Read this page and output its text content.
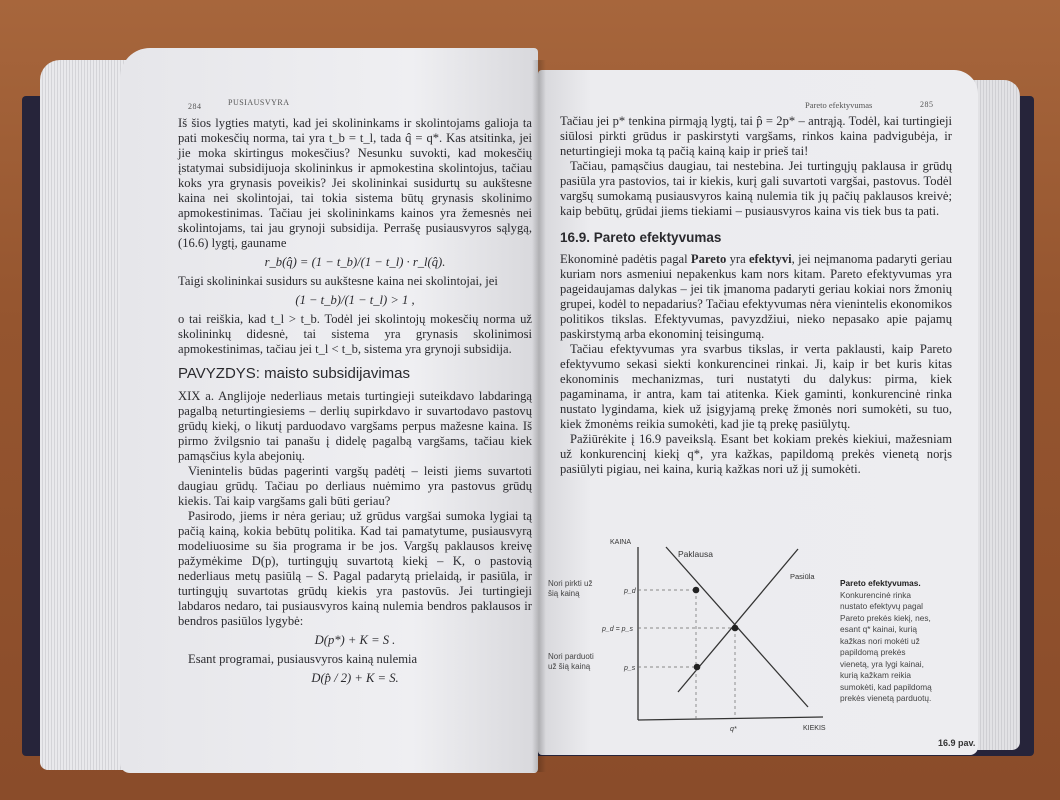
284	PUSIAUSVYRA

Iš šios lygties matyti, kad jei skolininkams ir skolintojams galioja ta pati mokesčių norma, tai yra t_b = t_l, tada q̂ = q*. Kas atsitinka, jei jie moka skirtingus mokesčius? Nesunku suvokti, kad mokesčių įstatymai subsidijuoja skolininkus ir apmokestina skolintojus, tačiau koks yra grynasis poveikis? Jei skolininkai susidurtų su aukštesne kaina nei skolintojai, tai tokia sistema būtų grynasis skolinimo apmokestinimas. Tačiau jei skolininkams kainos yra žemesnės nei skolintojams, tai jau grynoji subsidija. Perrašę pusiausvyros sąlygą, (16.6) lygtį, gauname

r_b(q̂) = (1 − t_b)/(1 − t_l) · r_l(q̂).

Taigi skolininkai susidurs su aukštesne kaina nei skolintojai, jei

(1 − t_b)/(1 − t_l) > 1 ,

o tai reiškia, kad t_l > t_b. Todėl jei skolintojų mokesčių norma už skolininkų didesnė, tai sistema yra grynasis skolinimosi apmokestinimas, tačiau jei t_l < t_b, sistema yra grynoji subsidija.

PAVYZDYS: maisto subsidijavimas

XIX a. Anglijoje nederliaus metais turtingieji suteikdavo labdaringą pagalbą neturtingiesiems – derlių supirkdavo ir suvartodavo pastovų grūdų kiekį, o likutį parduodavo vargšams perpus mažesne kaina. Iš pirmo žvilgsnio tai panašu į didelę pagalbą vargšams, tačiau kiek pamąsčius kyla abejonių.

Vienintelis būdas pagerinti vargšų padėtį – leisti jiems suvartoti daugiau grūdų. Tačiau po derliaus nuėmimo yra pastovus grūdų kiekis. Tai kaip vargšams gali būti geriau?

Pasirodo, jiems ir nėra geriau; už grūdus vargšai sumoka lygiai tą pačią kainą, kokia bebūtų politika. Kad tai pamatytume, pusiausvyrą modeliuosime su šia programa ir be jos. Vargšų paklausos kreivę pažymėkime D(p), turtingųjų suvartotą kiekį – K, o pastovią nederliaus metų pasiūlą – S. Pagal padarytą prielaidą, ir pasiūla, ir turtingųjų suvartotas grūdų kiekis yra pastovūs. Jei turtingieji labdaros nedaro, tai pusiausvyros kainą nulemia bendros paklausos ir bendros pasiūlos lygybė:

D(p*) + K = S .

Esant programai, pusiausvyros kainą nulemia

D(p̂ / 2) + K = S.

Pareto efektyvumas	285

Tačiau jei p* tenkina pirmąją lygtį, tai p̂ = 2p* – antrąją. Todėl, kai turtingieji siūlosi pirkti grūdus ir paskirstyti vargšams, rinkos kaina padvigubėja, ir neturtingieji moka tą pačią kainą kaip ir prieš tai!

Tačiau, pamąsčius daugiau, tai nestebina. Jei turtingųjų paklausa ir grūdų pasiūla yra pastovios, tai ir kiekis, kurį gali suvartoti vargšai, pastovus. Todėl vargšų sumokamą pusiausvyros kainą nulemia tik jų pačių paklausos kreivė; kaip bebūtų, grūdai jiems tiekiami – pusiausvyros kaina vis tiek bus ta pati.

16.9. Pareto efektyvumas

Ekonominė padėtis pagal Pareto yra efektyvi, jei neįmanoma padaryti geriau kuriam nors asmeniui nepakenkus kam nors kitam. Pareto efektyvumas yra pageidaujamas dalykas – jei tik įmanoma padaryti geriau kokiai nors žmonių grupei, kodėl to nepadarius? Tačiau efektyvumas nėra vienintelis ekonomikos politikos tikslas. Efektyvumas, pavyzdžiui, nieko nepasako apie pajamų paskirstymą arba ekonominį teisingumą.

Tačiau efektyvumas yra svarbus tikslas, ir verta paklausti, kaip Pareto efektyvumo sekasi siekti konkurencinei rinkai. Ji, kaip ir bet kuris kitas ekonominis mechanizmas, turi nustatyti du dalykus: pirma, kiek pagaminama, ir antra, kam tai atitenka. Kiek gaminti, konkurencinė rinka nustato lygindama, kiek už įsigyjamą prekę žmonės nori sumokėti, su tuo, kiek žmonėms reikia sumokėti, kad jie tą prekę pasiūlytų.

Pažiūrėkite į 16.9 paveikslą. Esant bet kokiam prekės kiekiui, mažesniam už konkurencinį kiekį q*, yra kažkas, papildomą prekės vienetą norįs pasiūlyti pigiau, nei kaina, kurią kažkas nori už jį sumokėti.

KAINA
KIEKIS
Paklausa
Pasiūla
p_d
p_d = p_s
p_s
q*
Nori pirkti už šią kainą
Nori parduoti už šią kainą
Pareto efektyvumas. Konkurencinė rinka nustato efektyvų pagal Pareto prekės kiekį, nes, esant q* kainai, kurią kažkas nori mokėti už papildomą prekės vienetą, yra lygi kainai, kurią kažkam reikia sumokėti, kad papildomą prekės vienetą parduotų.
16.9 pav.
